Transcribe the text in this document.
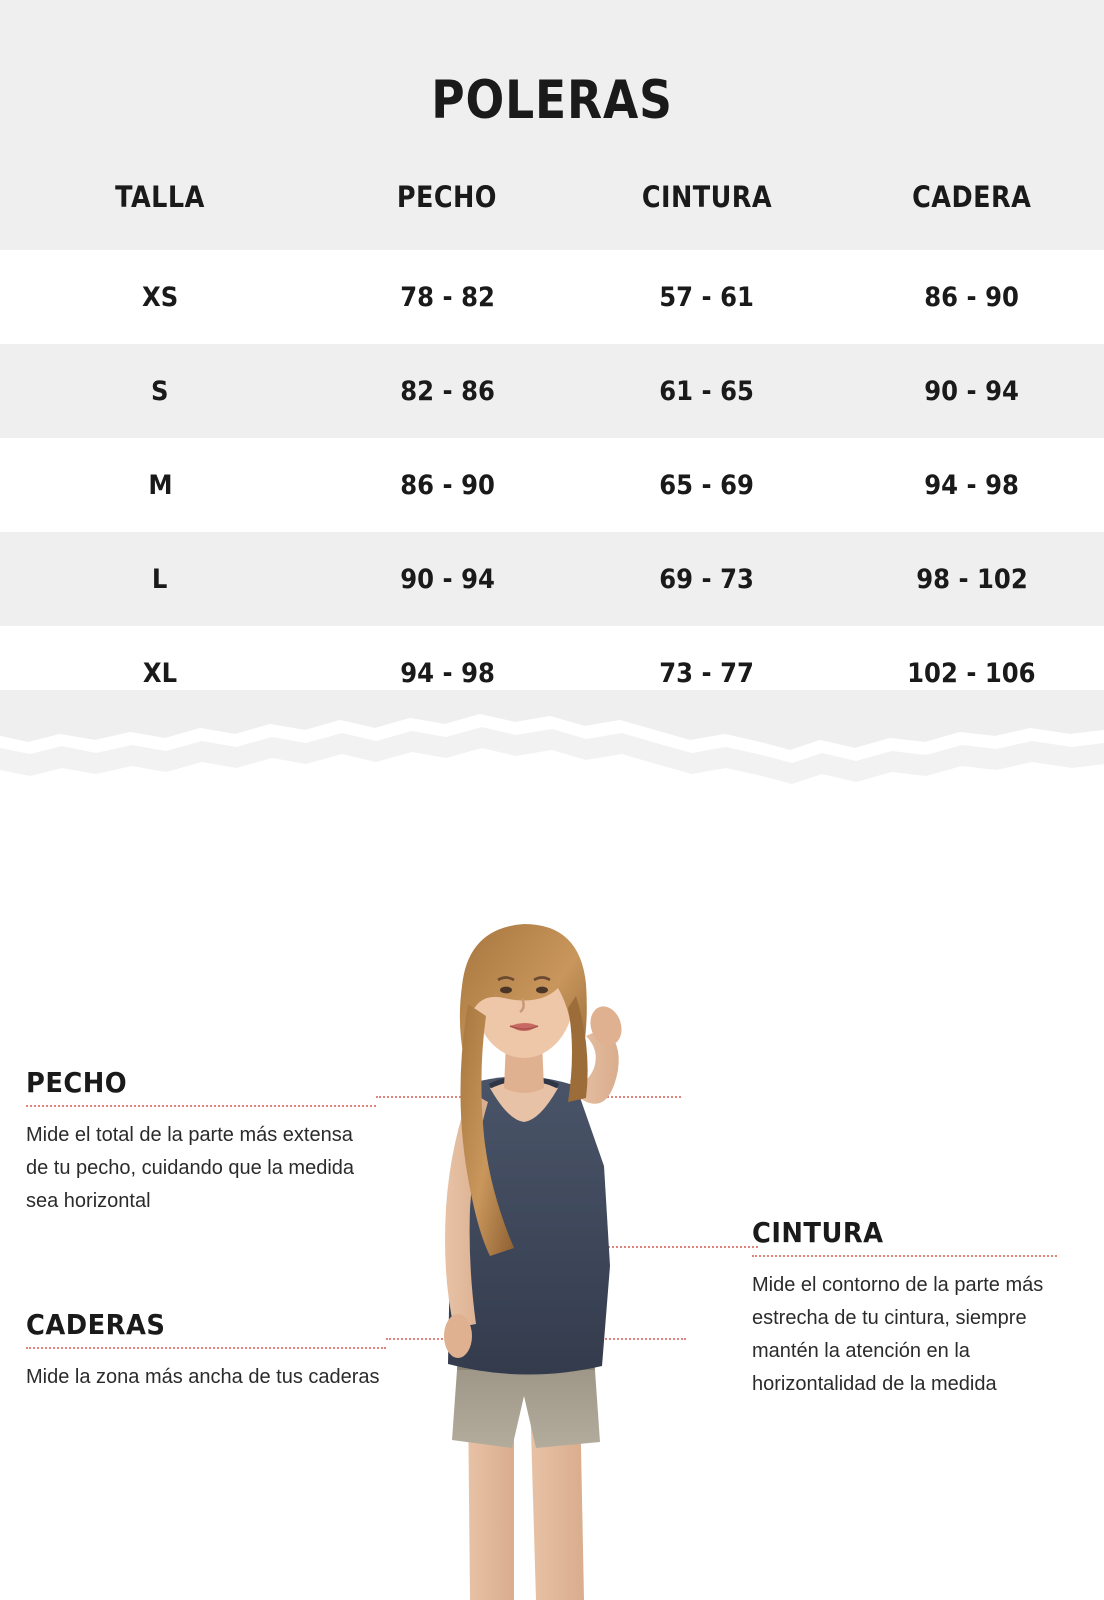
TALLA	PECHO	CINTURA	CADERA
XS	78 - 82	57 - 61	86 - 90
S	82 - 86	61 - 65	90 - 94
M	86 - 90	65 - 69	94 - 98
L	90 - 94	69 - 73	98 - 102
XL	94 - 98	73 - 77	102 - 106
POLERAS
PECHO

Mide el total de la parte más extensa de tu pecho, cuidando que la medida sea horizontal

CADERAS

Mide la zona más ancha de tus caderas

CINTURA

Mide el contorno de la parte más estrecha de tu cintura, siempre mantén la atención en la horizontalidad de la medida
